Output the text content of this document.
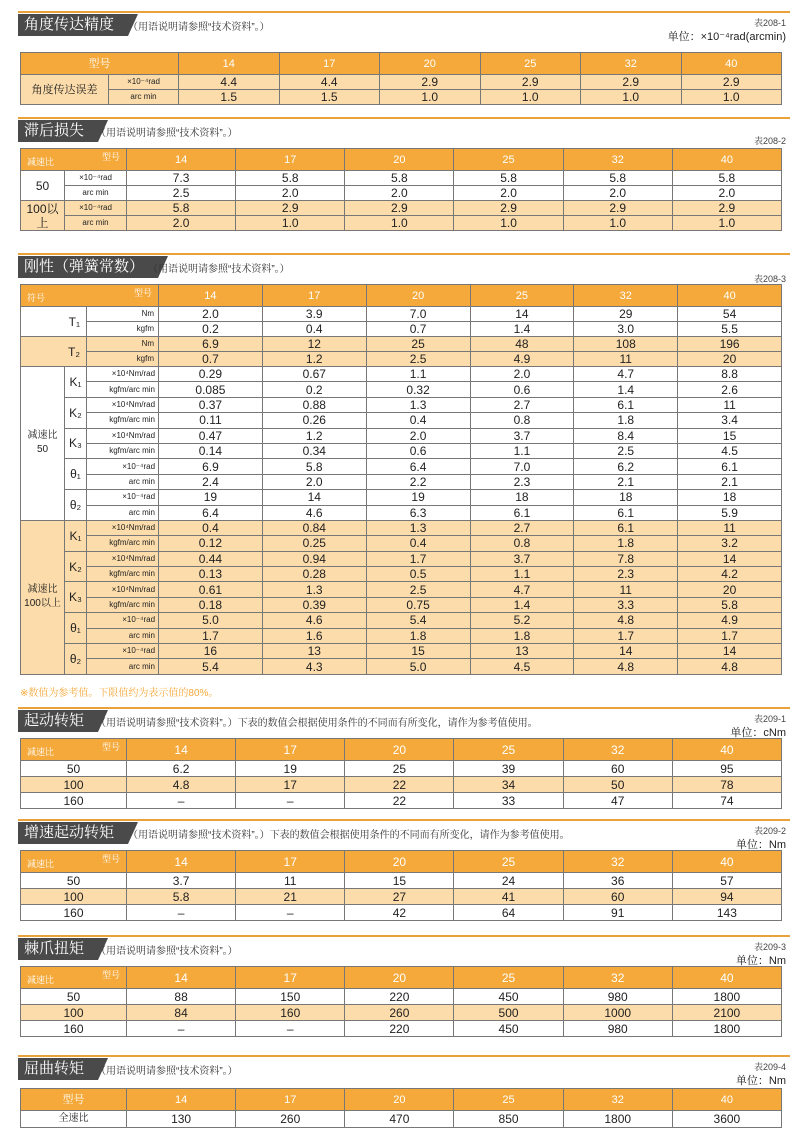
角度传达精度	（用语说明请参照“技术资料”。）	表208-1
单位：×10⁻⁴rad(arcmin)
型号		14	17	20	25	32	40
角度传达误差	×10⁻⁴rad	4.4	4.4	2.9	2.9	2.9	2.9
	arc min	1.5	1.5	1.0	1.0	1.0	1.0
滞后损失	（用语说明请参照“技术资料”。）
表208-2
型号
减速比		14	17	20	25	32	40
50	×10⁻⁴rad	7.3	5.8	5.8	5.8	5.8	5.8
	arc min	2.5	2.0	2.0	2.0	2.0	2.0
100以上	×10⁻⁴rad	5.8	2.9	2.9	2.9	2.9	2.9
	arc min	2.0	1.0	1.0	1.0	1.0	1.0
刚性（弹簧常数） （用语说明请参照“技术资料”。）
表208-3
型号
符号			14	17	20	25	32	40
T₁		Nm	2.0	3.9	7.0	14	29	54
		kgfm	0.2	0.4	0.7	1.4	3.0	5.5
T₂		Nm	6.9	12	25	48	108	196
		kgfm	0.7	1.2	2.5	4.9	11	20
减速比
50	K₁	×10⁴Nm/rad	0.29	0.67	1.1	2.0	4.7	8.8
		kgfm/arc min	0.085	0.2	0.32	0.6	1.4	2.6
	K₂	×10⁴Nm/rad	0.37	0.88	1.3	2.7	6.1	11
		kgfm/arc min	0.11	0.26	0.4	0.8	1.8	3.4
	K₃	×10⁴Nm/rad	0.47	1.2	2.0	3.7	8.4	15
		kgfm/arc min	0.14	0.34	0.6	1.1	2.5	4.5
	θ₁	×10⁻⁴rad	6.9	5.8	6.4	7.0	6.2	6.1
		arc min	2.4	2.0	2.2	2.3	2.1	2.1
	θ₂	×10⁻⁴rad	19	14	19	18	18	18
		arc min	6.4	4.6	6.3	6.1	6.1	5.9
减速比
100以上	K₁	×10⁴Nm/rad	0.4	0.84	1.3	2.7	6.1	11
		kgfm/arc min	0.12	0.25	0.4	0.8	1.8	3.2
	K₂	×10⁴Nm/rad	0.44	0.94	1.7	3.7	7.8	14
		kgfm/arc min	0.13	0.28	0.5	1.1	2.3	4.2
	K₃	×10⁴Nm/rad	0.61	1.3	2.5	4.7	11	20
		kgfm/arc min	0.18	0.39	0.75	1.4	3.3	5.8
	θ₁	×10⁻⁴rad	5.0	4.6	5.4	5.2	4.8	4.9
		arc min	1.7	1.6	1.8	1.8	1.7	1.7
	θ₂	×10⁻⁴rad	16	13	15	13	14	14
		arc min	5.4	4.3	5.0	4.5	4.8	4.8
※数值为参考值。下限值约为表示值的80%。
起动转矩	（用语说明请参照“技术资料”。）下表的数值会根据使用条件的不同而有所变化，请作为参考值使用。	表209-1
单位：cNm
型号
减速比	14	17	20	25	32	40
50	6.2	19	25	39	60	95
100	4.8	17	22	34	50	78
160	–	–	22	33	47	74
增速起动转矩	（用语说明请参照“技术资料”。）下表的数值会根据使用条件的不同而有所变化，请作为参考值使用。	表209-2
单位：Nm
型号
减速比	14	17	20	25	32	40
50	3.7	11	15	24	36	57
100	5.8	21	27	41	60	94
160	–	–	42	64	91	143
棘爪扭矩	（用语说明请参照“技术资料”。）	表209-3
单位：Nm
型号
减速比	14	17	20	25	32	40
50	88	150	220	450	980	1800
100	84	160	260	500	1000	2100
160	–	–	220	450	980	1800
屈曲转矩	（用语说明请参照“技术资料”。）	表209-4
单位：Nm
型号	14	17	20	25	32	40
全速比	130	260	470	850	1800	3600
